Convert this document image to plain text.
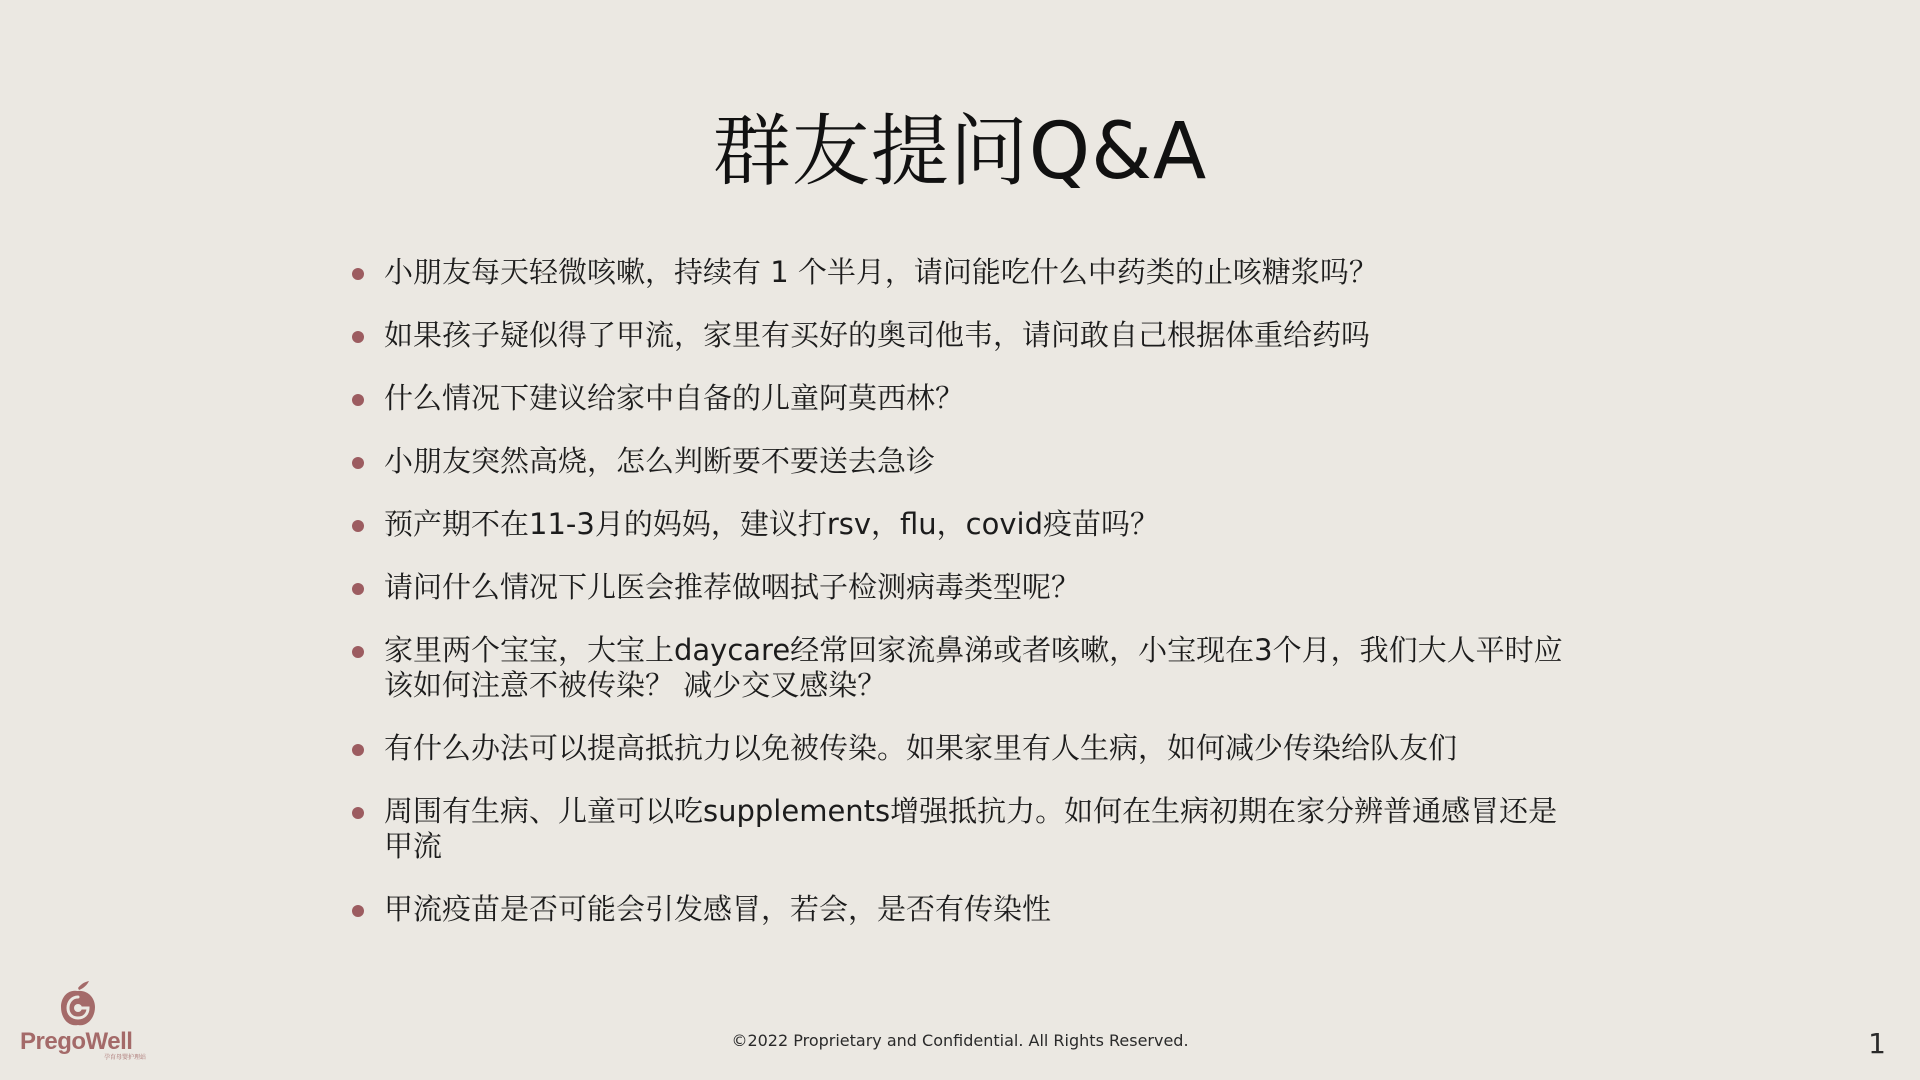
群友提问Q&A
小朋友每天轻微咳嗽，持续有 1 个半月，请问能吃什么中药类的止咳糖浆吗？
如果孩子疑似得了甲流，家里有买好的奥司他韦，请问敢自己根据体重给药吗
什么情况下建议给家中自备的儿童阿莫西林？
小朋友突然高烧，怎么判断要不要送去急诊
预产期不在11-3月的妈妈，建议打rsv，flu，covid疫苗吗？
请问什么情况下儿医会推荐做咽拭子检测病毒类型呢？
家里两个宝宝，大宝上daycare经常回家流鼻涕或者咳嗽，小宝现在3个月，我们大人平时应该如何注意不被传染？ 减少交叉感染？
有什么办法可以提高抵抗力以免被传染。如果家里有人生病，如何减少传染给队友们
周围有生病、儿童可以吃supplements增强抵抗力。如何在生病初期在家分辨普通感冒还是甲流
甲流疫苗是否可能会引发感冒，若会，是否有传染性
PregoWell
孕育母婴护理站
©2022 Proprietary and Confidential. All Rights Reserved.	1
